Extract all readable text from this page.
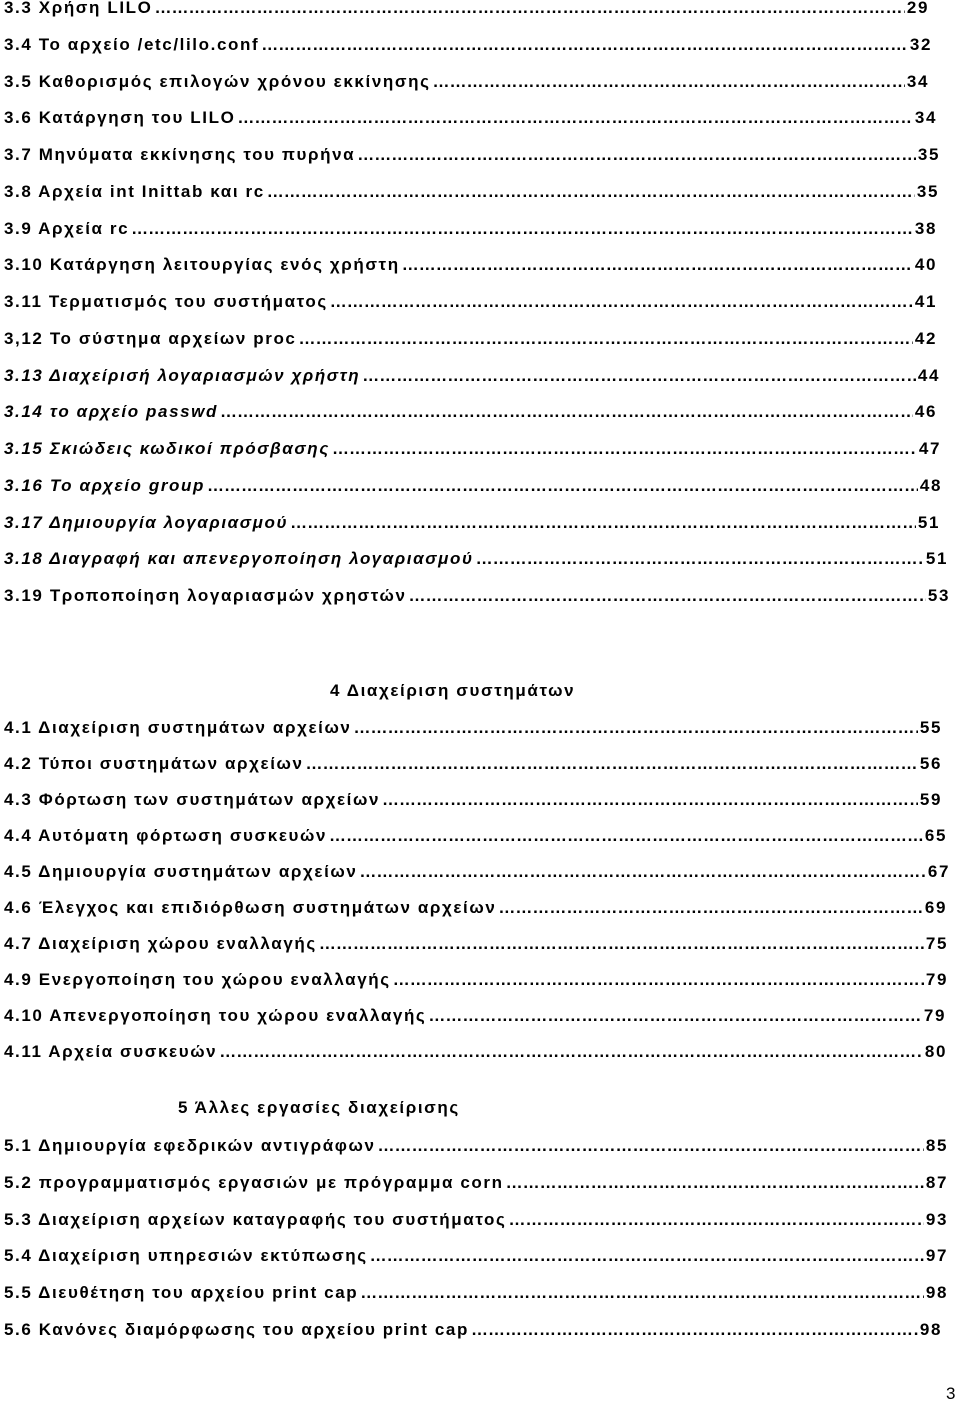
3.3 Χρήση LILO ……………………………………………………………………………………………………………………………………………………………………………………………………………………………………………………	29
3.4 Το αρχείο /etc/lilo.conf ……………………………………………………………………………………………………………………………………………………………………………………………………………………………………………………	32
3.5 Καθορισμός επιλογών χρόνου εκκίνησης ……………………………………………………………………………………………………………………………………………………………………………………………………………………………………………………	34
3.6 Κατάργηση του LILO ……………………………………………………………………………………………………………………………………………………………………………………………………………………………………………………	34
3.7 Μηνύματα εκκίνησης του πυρήνα ……………………………………………………………………………………………………………………………………………………………………………………………………………………………………………………	35
3.8 Αρχεία int Inittab και rc ……………………………………………………………………………………………………………………………………………………………………………………………………………………………………………………	35
3.9 Αρχεία rc ……………………………………………………………………………………………………………………………………………………………………………………………………………………………………………………	38
3.10 Κατάργηση λειτουργίας ενός χρήστη ……………………………………………………………………………………………………………………………………………………………………………………………………………………………………………………	40
3.11 Τερματισμός του συστήματος ……………………………………………………………………………………………………………………………………………………………………………………………………………………………………………………	41
3,12 Το σύστημα αρχείων proc ……………………………………………………………………………………………………………………………………………………………………………………………………………………………………………………	42
3.13 Διαχείρισή λογαριασμών χρήστη ……………………………………………………………………………………………………………………………………………………………………………………………………………………………………………………	44
3.14 το αρχείο passwd ……………………………………………………………………………………………………………………………………………………………………………………………………………………………………………………	46
3.15 Σκιώδεις κωδικοί πρόσβασης ……………………………………………………………………………………………………………………………………………………………………………………………………………………………………………………	47
3.16 Το αρχείο group ……………………………………………………………………………………………………………………………………………………………………………………………………………………………………………………	48
3.17 Δημιουργία λογαριασμού ……………………………………………………………………………………………………………………………………………………………………………………………………………………………………………………	51
3.18 Διαγραφή και απενεργοποίηση λογαριασμού ……………………………………………………………………………………………………………………………………………………………………………………………………………………………………………………	51
3.19 Τροποποίηση λογαριασμών χρηστών ……………………………………………………………………………………………………………………………………………………………………………………………………………………………………………………	53
4 Διαχείριση συστημάτων
4.1 Διαχείριση συστημάτων αρχείων ……………………………………………………………………………………………………………………………………………………………………………………………………………………………………………………	55
4.2 Τύποι συστημάτων αρχείων ……………………………………………………………………………………………………………………………………………………………………………………………………………………………………………………	56
4.3 Φόρτωση των συστημάτων αρχείων ……………………………………………………………………………………………………………………………………………………………………………………………………………………………………………………	59
4.4 Αυτόματη φόρτωση συσκευών ……………………………………………………………………………………………………………………………………………………………………………………………………………………………………………………	65
4.5 Δημιουργία συστημάτων αρχείων ……………………………………………………………………………………………………………………………………………………………………………………………………………………………………………………	67
4.6 Έλεγχος και επιδιόρθωση συστημάτων αρχείων ……………………………………………………………………………………………………………………………………………………………………………………………………………………………………………………	69
4.7 Διαχείριση χώρου εναλλαγής ……………………………………………………………………………………………………………………………………………………………………………………………………………………………………………………	75
4.9 Ενεργοποίηση του χώρου εναλλαγής ……………………………………………………………………………………………………………………………………………………………………………………………………………………………………………………	79
4.10 Απενεργοποίηση του χώρου εναλλαγής ……………………………………………………………………………………………………………………………………………………………………………………………………………………………………………………	79
4.11 Αρχεία συσκευών ……………………………………………………………………………………………………………………………………………………………………………………………………………………………………………………	80
5 Άλλες εργασίες διαχείρισης
5.1 Δημιουργία εφεδρικών αντιγράφων ……………………………………………………………………………………………………………………………………………………………………………………………………………………………………………………	85
5.2 προγραμματισμός εργασιών με πρόγραμμα corn ……………………………………………………………………………………………………………………………………………………………………………………………………………………………………………………	87
5.3 Διαχείριση αρχείων καταγραφής του συστήματος ……………………………………………………………………………………………………………………………………………………………………………………………………………………………………………………	93
5.4 Διαχείριση υπηρεσιών εκτύπωσης ……………………………………………………………………………………………………………………………………………………………………………………………………………………………………………………	97
5.5 Διευθέτηση του αρχείου print cap ……………………………………………………………………………………………………………………………………………………………………………………………………………………………………………………	98
5.6 Κανόνες διαμόρφωσης του αρχείου print cap ……………………………………………………………………………………………………………………………………………………………………………………………………………………………………………………	98
3
